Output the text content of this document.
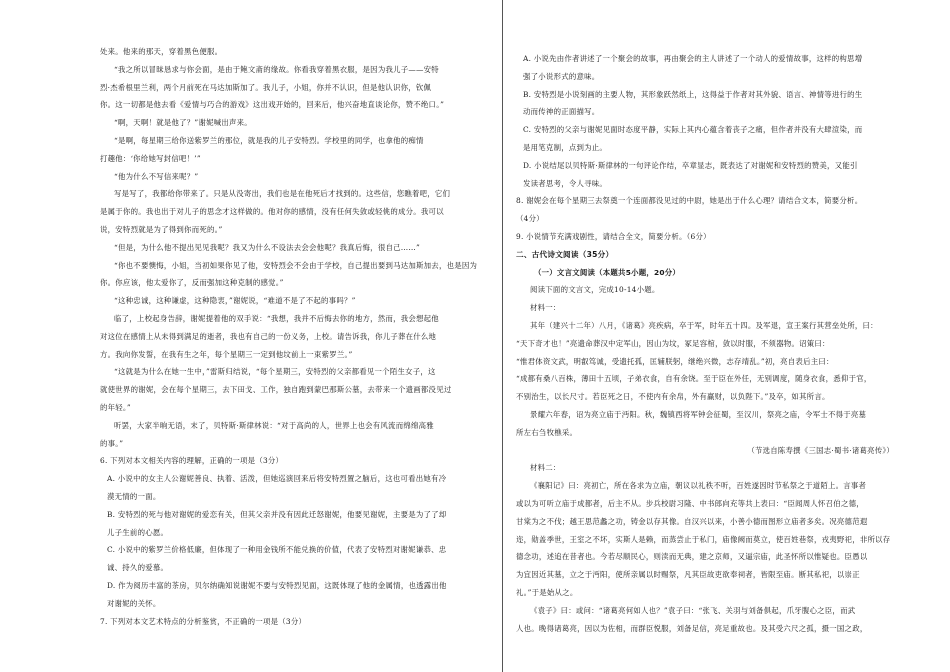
处来。他来的那天，穿着黑色便服。
“我之所以冒昧恳求与你会面，是由于鲍文斋的缘故。你看我穿着黑衣服，是因为我儿子——安特
烈·杰希根里兰利，两个月前死在马达加斯加了。我儿子，小姐，你并不认识，但是他认识你，钦佩
你。这一切都是他去看《爱情与巧合的游戏》这出戏开始的，回来后，他兴奋地直谈论你，赞不绝口。”
“啊，天啊！就是他了？”谢妮喊出声来。
“是啊，每星期三给你送紫罗兰的那位，就是我的儿子安特烈。学校里的同学，也拿他的痴情
打趣他：‘你给她写封信吧！’”
“他为什么不写信来呢？”
写是写了，我都给你带来了。只是从没寄出，我们也是在他死后才找到的。这些信，您瞧着吧，它们
是属于你的。我也出于对儿子的思念才这样做的。他对你的感情，没有任何失敛或轻佻的成分。我可以
说，安特烈就是为了得到你而死的。”
“但是，为什么他不提出见见我呢？我又为什么不设法去会会他呢？我真后悔，很自己……”
“你也不要懊悔，小姐，当初如果你见了他，安特烈会不会由于学校，自己提出要到马达加斯加去，也是因为
你。你应该，他太爱你了，反而强加这种克制的感觉。”
“这种忠诚，这种谦虚，这种隐衷，”谢妮说，“难道不是了不起的事吗？”
临了，上校起身告辞，谢妮提着他的双手说：“我想，我并不后悔去你的地方，然而，我会想起他
对这位在感情上从未得到满足的逝者，我也有自己的一份义务，上校。请告诉我，你儿子葬在什么地
方。我向你发誓，在我有生之年，每个星期三一定到他坟前上一束紫罗兰。”
“这就是为什么在她一生中，”雷斯归结说，“每个星期三，安特烈的父亲都看见一个陌生女子，这
就使世界的谢妮，会在每个星期三，去下田戈、工作，独自跑到蒙巴那斯公墓，去带来一个遗画都没见过
的年轻。”
听罢，大家半晌无语，末了，贝特斯·斯律林说：“对于高尚的人，世界上也会有风流而绵绵高雅
的事。”
6. 下列对本文相关内容的理解，正确的一项是（3分）
A. 小说中的女主人公谢妮善良、执着、活泼，但她巡演回来后将安特烈置之脑后，这也可看出她有冷
漠无情的一面。
B. 安特烈的死与他对谢妮的爱恋有关，但其父亲并没有因此迁怒谢妮，他要见谢妮，主要是为了了却
儿子生前的心愿。
C. 小说中的紫罗兰价格低廉，但体现了一种用金钱所不能兑换的价值，代表了安特烈对谢妮谦恭、忠
诚、持久的爱慕。
D. 作为阅历丰富的茶房，贝尔纳确知说谢妮不要与安特烈见面，这既体现了他的金属情，也透露出他
对谢妮的关怀。
7. 下列对本文艺术特点的分析鉴赏，不正确的一项是（3分）
A. 小说先由作者讲述了一个聚会的故事，再由聚会的主人讲述了一个动人的爱情故事，这样的构思增
强了小说形式的意味。
B. 安特烈是小说刻画的主要人物，其形象跃然纸上，这得益于作者对其外貌、语言、神情等进行的生
动而传神的正面描写。
C. 安特烈的父亲与谢妮见面时态度平静，实际上其内心蕴含着丧子之痛，但作者并没有大肆渲染，而
是用笔克制，点到为止。
D. 小说结尾以贝特斯·斯律林的一句评论作结，卒章显志，既表达了对谢妮和安特烈的赞美，又能引
发读者思考，令人寻味。
8. 谢妮会在每个星期三去祭奠一个连面都没见过的中尉，她是出于什么心理？请结合文本，简要分析。
（4分）
9. 小说情节充满戏剧性，请结合全文，简要分析。（6分）
二、古代诗文阅读（35分）
（一）文言文阅读（本题共5小题，20分）
阅读下面的文言文，完成10-14小题。
材料一：
其年（建兴十二年）八月，《诸葛》亮疾病，卒于军，时年五十四。及军退，宣王案行其营垒处所，曰：
“天下奇才也！”亮遗命葬汉中定军山，因山为坟，冢足容棺，敛以时服，不须器物。诏策曰：
“惟君体资文武，明叡笃诚，受遗托孤，匡辅朕躬，继绝兴微，志存靖乱。”初，亮自表后主曰：
“成都有桑八百株，薄田十五顷，子弟衣食，自有余饶。至于臣在外任，无别调度，随身衣食，悉仰于官，
不别治生，以长尺寸。若臣死之日，不使内有余帛，外有赢财，以负陛下。”及卒，如其所言。
景耀六年春，诏为亮立庙于沔阳。秋，魏镇西将军钟会征蜀，至汉川，祭亮之庙，令军士不得于亮墓
所左右刍牧樵采。
（节选自陈寿撰《三国志·蜀书·诸葛亮传》）
材料二：
《襄阳记》曰：亮初亡，所在各求为立庙，朝议以礼秩不听，百姓遂因时节私祭之于道陌上。言事者
或以为可听立庙于成都者，后主不从。步兵校尉习隆、中书郎向充等共上表曰：“臣闻周人怀召伯之德，
甘棠为之不伐；越王思范蠡之功，铸金以存其像。自汉兴以来，小善小德而图形立庙者多矣。况亮德范遐
迩，勋盖季世，王室之不坏，实斯人是赖，而蒸尝止于私门，庙像阙而莫立，使百姓巷祭，戎夷野祀，非所以存
德念功，述追在昔者也。今若尽顺民心，则渎而无典，建之京师，又逼宗庙，此圣怀所以惟疑也。臣愚以
为宜因近其墓，立之于沔阳，使所亲属以时赐祭，凡其臣故吏欲奉祠者，皆限至庙。断其私祀，以崇正
礼。”于是始从之。
《袁子》曰：或问：“诸葛亮何如人也？”袁子曰：“张飞、关羽与刘备俱起，爪牙腹心之臣，而武
人也。晚得诸葛亮，因以为佐相，而群臣悦服，刘备足信，亮足重故也。及其受六尺之孤，摄一国之政，
